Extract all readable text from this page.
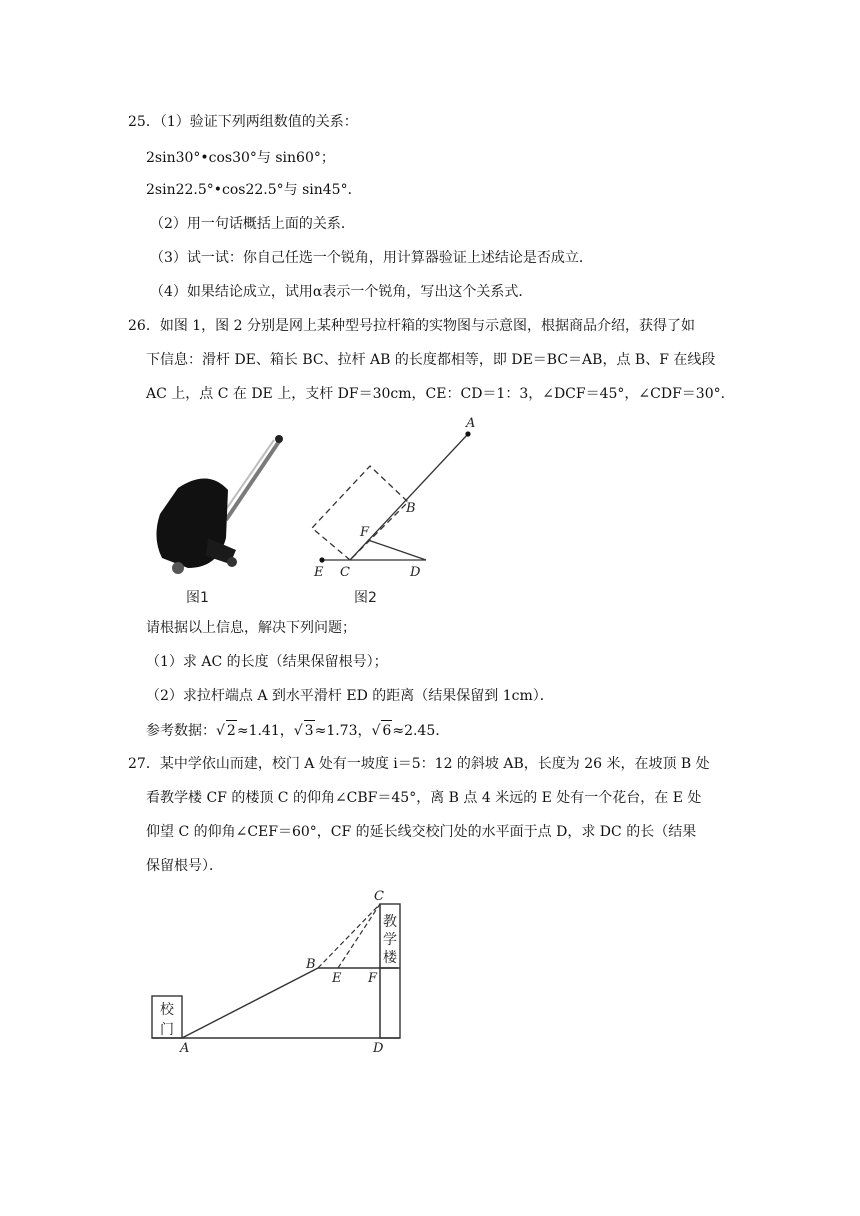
25．（1）验证下列两组数值的关系：
2sin30°•cos30°与 sin60°；
2sin22.5°•cos22.5°与 sin45°．
（2）用一句话概括上面的关系．
（3）试一试：你自己任选一个锐角，用计算器验证上述结论是否成立．
（4）如果结论成立，试用α表示一个锐角，写出这个关系式．
26．如图 1，图 2 分别是网上某种型号拉杆箱的实物图与示意图，根据商品介绍，获得了如
下信息：滑杆 DE、箱长 BC、拉杆 AB 的长度都相等，即 DE＝BC＝AB，点 B、F 在线段
AC 上，点 C 在 DE 上，支杆 DF＝30cm，CE：CD＝1：3，∠DCF＝45°，∠CDF＝30°．
图1
A
B
F
E C	D
图2
请根据以上信息，解决下列问题；
（1）求 AC 的长度（结果保留根号）；
（2）求拉杆端点 A 到水平滑杆 ED 的距离（结果保留到 1cm）．
参考数据：√ 2≈1.41，√ 3≈1.73，√ 6≈2.45.
27．某中学依山而建，校门 A 处有一坡度 i＝5：12 的斜坡 AB，长度为 26 米，在坡顶 B 处
看教学楼 CF 的楼顶 C 的仰角∠CBF＝45°，离 B 点 4 米远的 E 处有一个花台，在 E 处
仰望 C 的仰角∠CEF＝60°，CF 的延长线交校门处的水平面于点 D，求 DC 的长（结果
保留根号）．
校
门
教
学
楼
C
B
E F
A	D
